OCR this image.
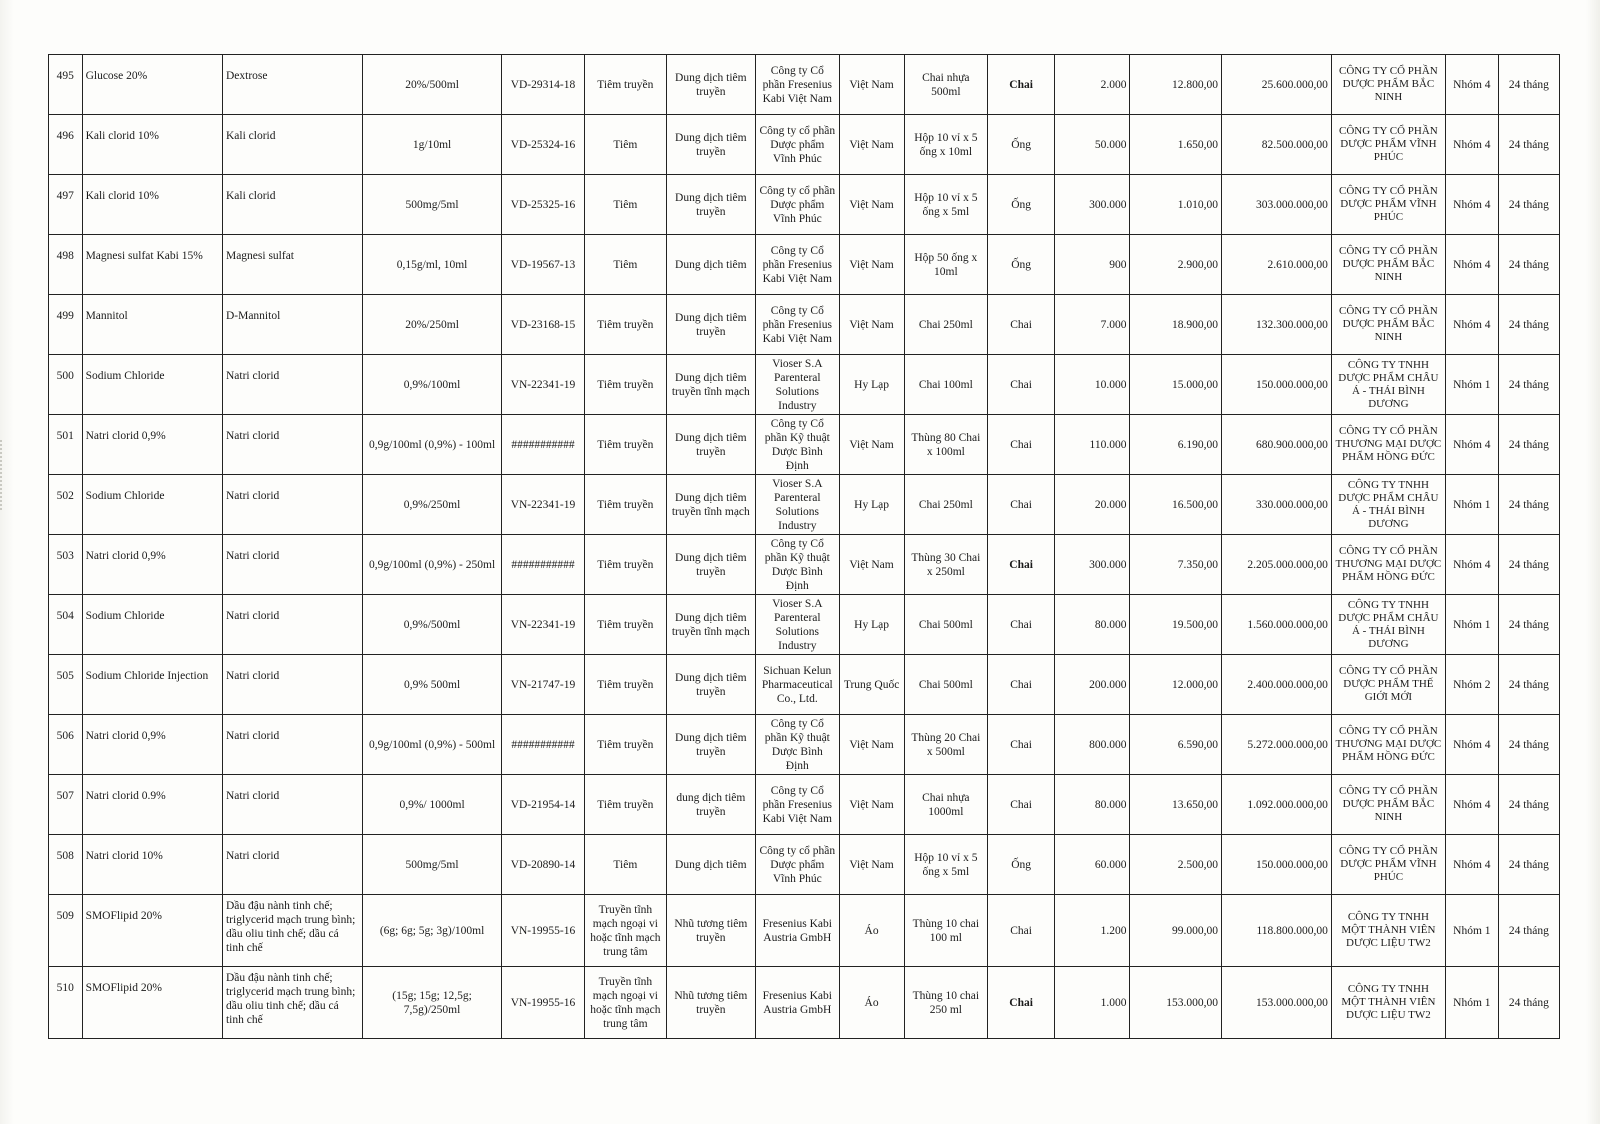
495	Glucose 20%	Dextrose	20%/500ml	VD-29314-18	Tiêm truyền	Dung dịch tiêm truyền	Công ty Cổ phần Fresenius Kabi Việt Nam	Việt Nam	Chai nhựa 500ml	Chai	2.000	12.800,00	25.600.000,00	CÔNG TY CỔ PHẦN DƯỢC PHẨM BẮC NINH	Nhóm 4	24 tháng
496	Kali clorid 10%	Kali clorid	1g/10ml	VD-25324-16	Tiêm	Dung dịch tiêm truyền	Công ty cổ phần Dược phẩm Vĩnh Phúc	Việt Nam	Hộp 10 vỉ x 5 ống x 10ml	Ống	50.000	1.650,00	82.500.000,00	CÔNG TY CỔ PHẦN DƯỢC PHẨM VĨNH PHÚC	Nhóm 4	24 tháng
497	Kali clorid 10%	Kali clorid	500mg/5ml	VD-25325-16	Tiêm	Dung dịch tiêm truyền	Công ty cổ phần Dược phẩm Vĩnh Phúc	Việt Nam	Hộp 10 vỉ x 5 ống x 5ml	Ống	300.000	1.010,00	303.000.000,00	CÔNG TY CỔ PHẦN DƯỢC PHẨM VĨNH PHÚC	Nhóm 4	24 tháng
498	Magnesi sulfat Kabi 15%	Magnesi sulfat	0,15g/ml, 10ml	VD-19567-13	Tiêm	Dung dịch tiêm	Công ty Cổ phần Fresenius Kabi Việt Nam	Việt Nam	Hộp 50 ống x 10ml	Ống	900	2.900,00	2.610.000,00	CÔNG TY CỔ PHẦN DƯỢC PHẨM BẮC NINH	Nhóm 4	24 tháng
499	Mannitol	D-Mannitol	20%/250ml	VD-23168-15	Tiêm truyền	Dung dịch tiêm truyền	Công ty Cổ phần Fresenius Kabi Việt Nam	Việt Nam	Chai 250ml	Chai	7.000	18.900,00	132.300.000,00	CÔNG TY CỔ PHẦN DƯỢC PHẨM BẮC NINH	Nhóm 4	24 tháng
500	Sodium Chloride	Natri clorid	0,9%/100ml	VN-22341-19	Tiêm truyền	Dung dịch tiêm truyền tĩnh mạch	Vioser S.A Parenteral Solutions Industry	Hy Lạp	Chai 100ml	Chai	10.000	15.000,00	150.000.000,00	CÔNG TY TNHH DƯỢC PHẨM CHÂU Á - THÁI BÌNH DƯƠNG	Nhóm 1	24 tháng
501	Natri clorid 0,9%	Natri clorid	0,9g/100ml (0,9%) - 100ml	###########	Tiêm truyền	Dung dịch tiêm truyền	Công ty Cổ phần Kỹ thuật Dược Bình Định	Việt Nam	Thùng 80 Chai x 100ml	Chai	110.000	6.190,00	680.900.000,00	CÔNG TY CỔ PHẦN THƯƠNG MẠI DƯỢC PHẨM HỒNG ĐỨC	Nhóm 4	24 tháng
502	Sodium Chloride	Natri clorid	0,9%/250ml	VN-22341-19	Tiêm truyền	Dung dịch tiêm truyền tĩnh mạch	Vioser S.A Parenteral Solutions Industry	Hy Lạp	Chai 250ml	Chai	20.000	16.500,00	330.000.000,00	CÔNG TY TNHH DƯỢC PHẨM CHÂU Á - THÁI BÌNH DƯƠNG	Nhóm 1	24 tháng
503	Natri clorid 0,9%	Natri clorid	0,9g/100ml (0,9%) - 250ml	###########	Tiêm truyền	Dung dịch tiêm truyền	Công ty Cổ phần Kỹ thuật Dược Bình Định	Việt Nam	Thùng 30 Chai x 250ml	Chai	300.000	7.350,00	2.205.000.000,00	CÔNG TY CỔ PHẦN THƯƠNG MẠI DƯỢC PHẨM HỒNG ĐỨC	Nhóm 4	24 tháng
504	Sodium Chloride	Natri clorid	0,9%/500ml	VN-22341-19	Tiêm truyền	Dung dịch tiêm truyền tĩnh mạch	Vioser S.A Parenteral Solutions Industry	Hy Lạp	Chai 500ml	Chai	80.000	19.500,00	1.560.000.000,00	CÔNG TY TNHH DƯỢC PHẨM CHÂU Á - THÁI BÌNH DƯƠNG	Nhóm 1	24 tháng
505	Sodium Chloride Injection	Natri clorid	0,9% 500ml	VN-21747-19	Tiêm truyền	Dung dịch tiêm truyền	Sichuan Kelun Pharmaceutical Co., Ltd.	Trung Quốc	Chai 500ml	Chai	200.000	12.000,00	2.400.000.000,00	CÔNG TY CỔ PHẦN DƯỢC PHẨM THẾ GIỚI MỚI	Nhóm 2	24 tháng
506	Natri clorid 0,9%	Natri clorid	0,9g/100ml (0,9%) - 500ml	###########	Tiêm truyền	Dung dịch tiêm truyền	Công ty Cổ phần Kỹ thuật Dược Bình Định	Việt Nam	Thùng 20 Chai x 500ml	Chai	800.000	6.590,00	5.272.000.000,00	CÔNG TY CỔ PHẦN THƯƠNG MẠI DƯỢC PHẨM HỒNG ĐỨC	Nhóm 4	24 tháng
507	Natri clorid 0.9%	Natri clorid	0,9%/ 1000ml	VD-21954-14	Tiêm truyền	dung dịch tiêm truyền	Công ty Cổ phần Fresenius Kabi Việt Nam	Việt Nam	Chai nhựa 1000ml	Chai	80.000	13.650,00	1.092.000.000,00	CÔNG TY CỔ PHẦN DƯỢC PHẨM BẮC NINH	Nhóm 4	24 tháng
508	Natri clorid 10%	Natri clorid	500mg/5ml	VD-20890-14	Tiêm	Dung dịch tiêm	Công ty cổ phần Dược phẩm Vĩnh Phúc	Việt Nam	Hộp 10 vỉ x 5 ống x 5ml	Ống	60.000	2.500,00	150.000.000,00	CÔNG TY CỔ PHẦN DƯỢC PHẨM VĨNH PHÚC	Nhóm 4	24 tháng
509	SMOFlipid 20%	Dầu đậu nành tinh chế; triglycerid mạch trung bình; dầu oliu tinh chế; dầu cá tinh chế	(6g; 6g; 5g; 3g)/100ml	VN-19955-16	Truyền tĩnh mạch ngoại vi hoặc tĩnh mạch trung tâm	Nhũ tương tiêm truyền	Fresenius Kabi Austria GmbH	Áo	Thùng 10 chai 100 ml	Chai	1.200	99.000,00	118.800.000,00	CÔNG TY TNHH MỘT THÀNH VIÊN DƯỢC LIỆU TW2	Nhóm 1	24 tháng
510	SMOFlipid 20%	Dầu đậu nành tinh chế; triglycerid mạch trung bình; dầu oliu tinh chế; dầu cá tinh chế	(15g; 15g; 12,5g; 7,5g)/250ml	VN-19955-16	Truyền tĩnh mạch ngoại vi hoặc tĩnh mạch trung tâm	Nhũ tương tiêm truyền	Fresenius Kabi Austria GmbH	Áo	Thùng 10 chai 250 ml	Chai	1.000	153.000,00	153.000.000,00	CÔNG TY TNHH MỘT THÀNH VIÊN DƯỢC LIỆU TW2	Nhóm 1	24 tháng
